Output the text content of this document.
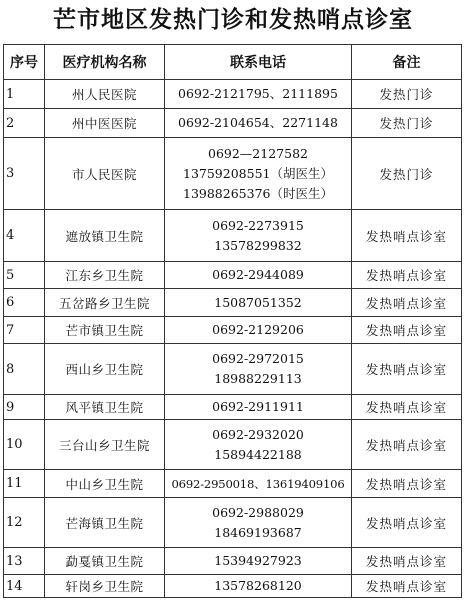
芒市地区发热门诊和发热哨点诊室
序号	医疗机构名称	联系电话	备注
1	州人民医院	0692-2121795、2111895	发热门诊
2	州中医医院	0692-2104654、2271148	发热门诊
3	市人民医院	0692—2127582
13759208551（胡医生）
13988265376（时医生）	发热门诊
4	遮放镇卫生院	0692-2273915
13578299832	发热哨点诊室
5	江东乡卫生院	0692-2944089	发热哨点诊室
6	五岔路乡卫生院	15087051352	发热哨点诊室
7	芒市镇卫生院	0692-2129206	发热哨点诊室
8	西山乡卫生院	0692-2972015
18988229113	发热哨点诊室
9	风平镇卫生院	0692-2911911	发热哨点诊室
10	三台山乡卫生院	0692-2932020
15894422188	发热哨点诊室
11	中山乡卫生院	0692-2950018、13619409106	发热哨点诊室
12	芒海镇卫生院	0692-2988029
18469193687	发热哨点诊室
13	勐戛镇卫生院	15394927923	发热哨点诊室
14	轩岗乡卫生院	13578268120	发热哨点诊室
